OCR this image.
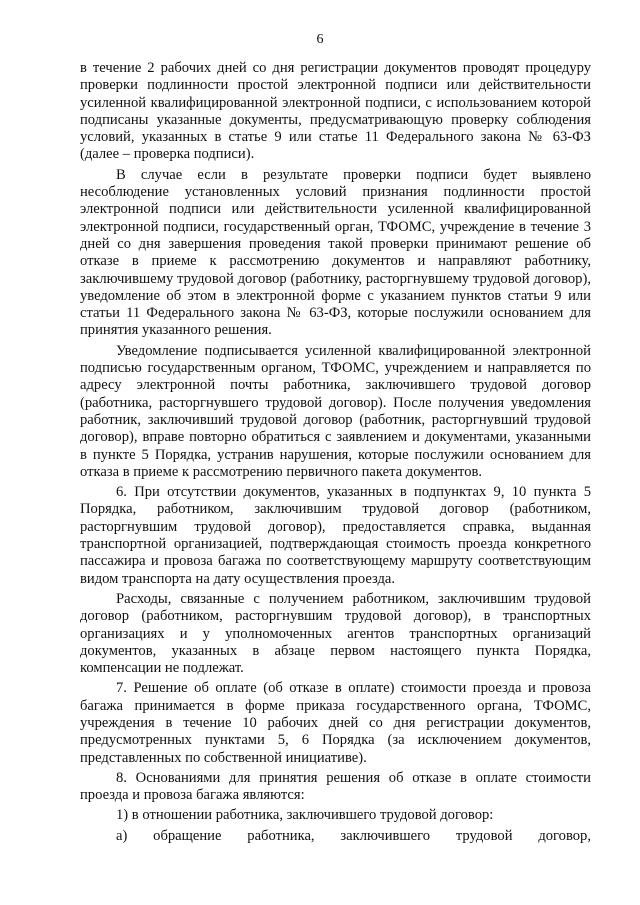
6

в течение 2 рабочих дней со дня регистрации документов проводят процедуру проверки подлинности простой электронной подписи или действительности усиленной квалифицированной электронной подписи, с использованием которой подписаны указанные документы, предусматривающую проверку соблюдения условий, указанных в статье 9 или статье 11 Федерального закона № 63-ФЗ (далее – проверка подписи).

В случае если в результате проверки подписи будет выявлено несоблюдение установленных условий признания подлинности простой электронной подписи или действительности усиленной квалифицированной электронной подписи, государственный орган, ТФОМС, учреждение в течение 3 дней со дня завершения проведения такой проверки принимают решение об отказе в приеме к рассмотрению документов и направляют работнику, заключившему трудовой договор (работнику, расторгнувшему трудовой договор), уведомление об этом в электронной форме с указанием пунктов статьи 9 или статьи 11 Федерального закона № 63-ФЗ, которые послужили основанием для принятия указанного решения.

Уведомление подписывается усиленной квалифицированной электронной подписью государственным органом, ТФОМС, учреждением и направляется по адресу электронной почты работника, заключившего трудовой договор (работника, расторгнувшего трудовой договор). После получения уведомления работник, заключивший трудовой договор (работник, расторгнувший трудовой договор), вправе повторно обратиться с заявлением и документами, указанными в пункте 5 Порядка, устранив нарушения, которые послужили основанием для отказа в приеме к рассмотрению первичного пакета документов.

6. При отсутствии документов, указанных в подпунктах 9, 10 пункта 5 Порядка, работником, заключившим трудовой договор (работником, расторгнувшим трудовой договор), предоставляется справка, выданная транспортной организацией, подтверждающая стоимость проезда конкретного пассажира и провоза багажа по соответствующему маршруту соответствующим видом транспорта на дату осуществления проезда.

Расходы, связанные с получением работником, заключившим трудовой договор (работником, расторгнувшим трудовой договор), в транспортных организациях и у уполномоченных агентов транспортных организаций документов, указанных в абзаце первом настоящего пункта Порядка, компенсации не подлежат.

7. Решение об оплате (об отказе в оплате) стоимости проезда и провоза багажа принимается в форме приказа государственного органа, ТФОМС, учреждения в течение 10 рабочих дней со дня регистрации документов, предусмотренных пунктами 5, 6 Порядка (за исключением документов, представленных по собственной инициативе).

8. Основаниями для принятия решения об отказе в оплате стоимости проезда и провоза багажа являются:

1) в отношении работника, заключившего трудовой договор:

а) обращение работника, заключившего трудовой договор,
